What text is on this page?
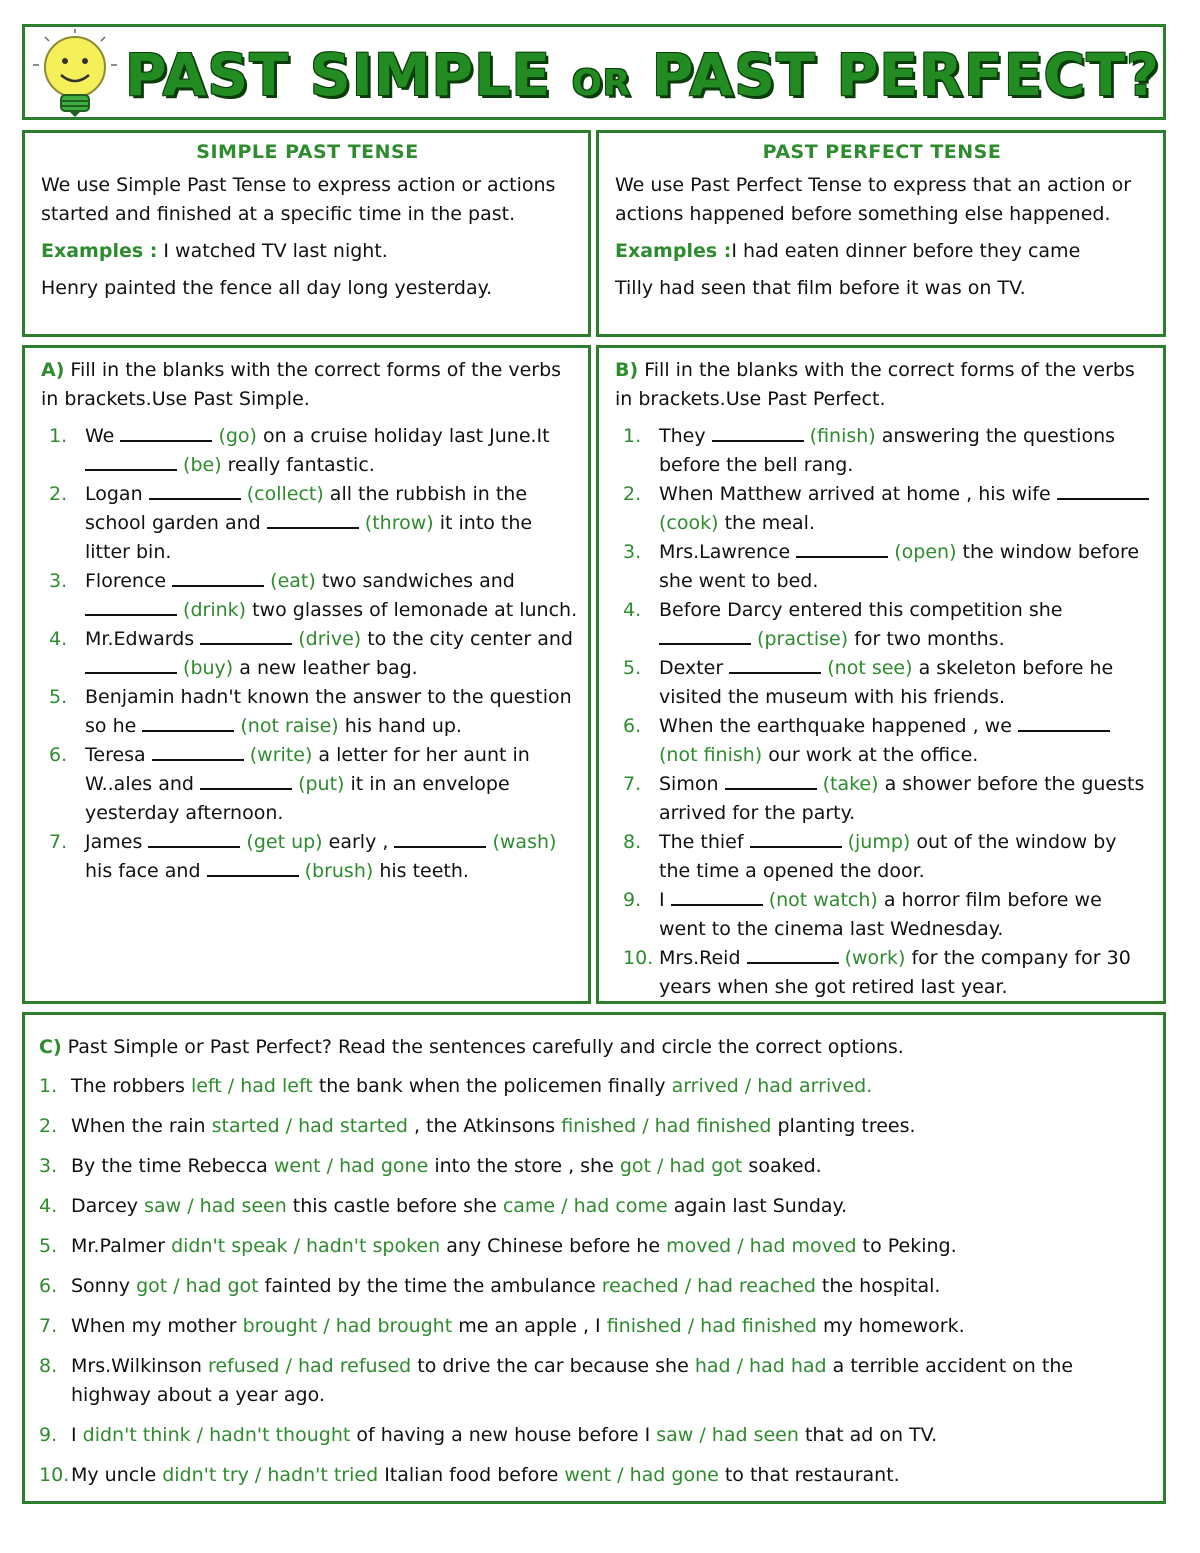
PAST SIMPLE OR PAST PERFECT?
SIMPLE PAST TENSE

We use Simple Past Tense to express action or actions started and finished at a specific time in the past.

Examples : I watched TV last night.

Henry painted the fence all day long yesterday.

PAST PERFECT TENSE

We use Past Perfect Tense to express that an action or actions happened before something else happened.

Examples :I had eaten dinner before they came

Tilly had seen that film before it was on TV.

A) Fill in the blanks with the correct forms of the verbs in brackets.Use Past Simple.

1. We	(go) on a cruise holiday last June.It  (be) really fantastic.
2. Logan	(collect) all the rubbish in the school garden and	(throw) it into the litter bin.
3. Florence	(eat) two sandwiches and  (drink) two glasses of lemonade at lunch.
4. Mr.Edwards	(drive) to the city center and  (buy) a new leather bag.
5. Benjamin hadn't known the answer to the question so he	(not raise) his hand up.
6. Teresa	(write) a letter for her aunt in W..ales and	(put) it in an envelope yesterday afternoon.
7. James	(get up) early ,	(wash) his face and	(brush) his teeth.

B) Fill in the blanks with the correct forms of the verbs in brackets.Use Past Perfect.

1. They	(finish) answering the questions before the bell rang.
2. When Matthew arrived at home , his wife  (cook) the meal.
3. Mrs.Lawrence	(open) the window before she went to bed.
4. Before Darcy entered this competition she  (practise) for two months.
5. Dexter	(not see) a skeleton before he visited the museum with his friends.
6. When the earthquake happened , we  (not finish) our work at the office.
7. Simon	(take) a shower before the guests arrived for the party.
8. The thief	(jump) out of the window by the time a opened the door.
9. I	(not watch) a horror film before we went to the cinema last Wednesday.
10. Mrs.Reid	(work) for the company for 30 years when she got retired last year.

C) Past Simple or Past Perfect? Read the sentences carefully and circle the correct options.

1. The robbers left / had left the bank when the policemen finally arrived / had arrived.
2. When the rain started / had started , the Atkinsons finished / had finished planting trees.
3. By the time Rebecca went / had gone into the store , she got / had got soaked.
4. Darcey saw / had seen this castle before she came / had come again last Sunday.
5. Mr.Palmer didn't speak / hadn't spoken any Chinese before he moved / had moved to Peking.
6. Sonny got / had got fainted by the time the ambulance reached / had reached the hospital.
7. When my mother brought / had brought me an apple , I finished / had finished my homework.
8. Mrs.Wilkinson refused / had refused to drive the car because she had / had had a terrible accident on the highway about a year ago.
9. I didn't think / hadn't thought of having a new house before I saw / had seen that ad on TV.
10. My uncle didn't try / hadn't tried Italian food before went / had gone to that restaurant.
